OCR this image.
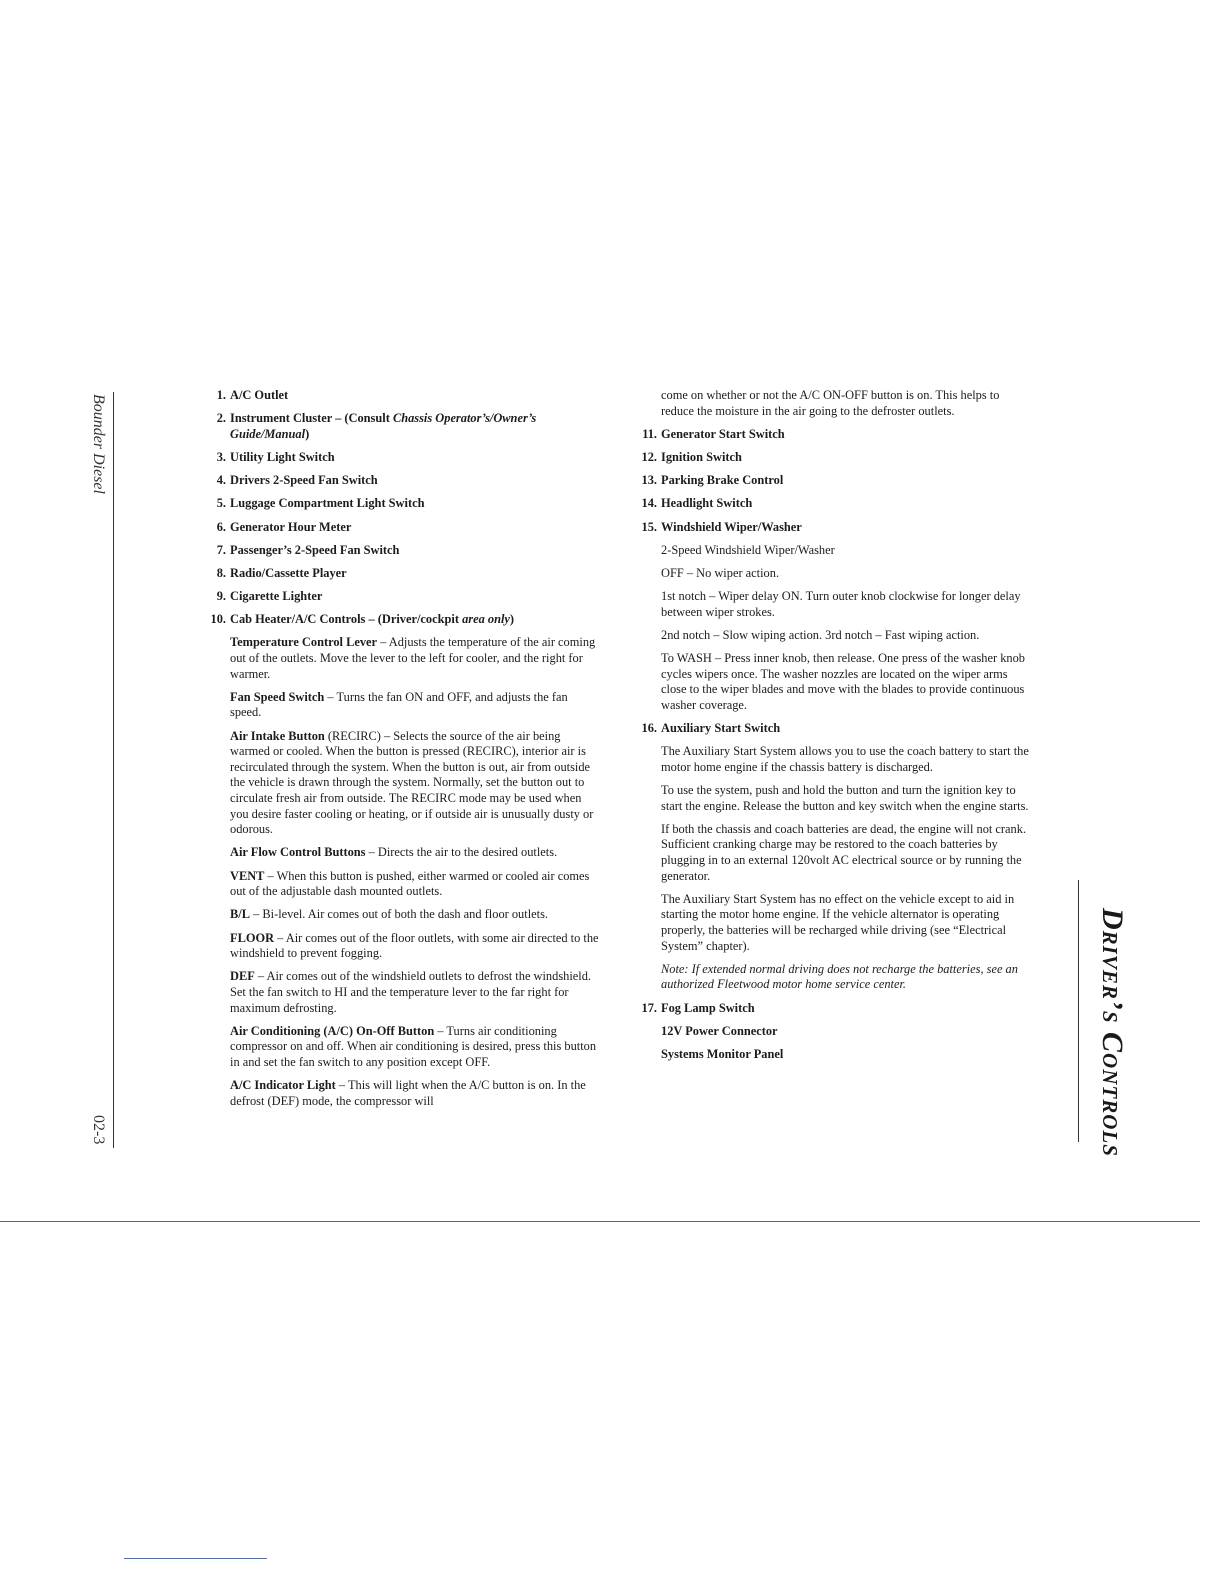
Bounder Diesel
02-3	Driver’s Controls
1. A/C Outlet
2. Instrument Cluster – (Consult Chassis Operator’s/Owner’s Guide/Manual)
3. Utility Light Switch
4. Drivers 2-Speed Fan Switch
5. Luggage Compartment Light Switch
6. Generator Hour Meter
7. Passenger’s 2-Speed Fan Switch
8. Radio/Cassette Player
9. Cigarette Lighter
10. Cab Heater/A/C Controls – (Driver/cockpit area only)
Temperature Control Lever – Adjusts the temperature of the air coming out of the outlets. Move the lever to the left for cooler, and the right for warmer.
Fan Speed Switch – Turns the fan ON and OFF, and adjusts the fan speed.
Air Intake Button (RECIRC) – Selects the source of the air being warmed or cooled. When the button is pressed (RECIRC), interior air is recirculated through the system. When the button is out, air from outside the vehicle is drawn through the system. Normally, set the button out to circulate fresh air from outside. The RECIRC mode may be used when you desire faster cooling or heating, or if outside air is unusually dusty or odorous.
Air Flow Control Buttons – Directs the air to the desired outlets.
VENT – When this button is pushed, either warmed or cooled air comes out of the adjustable dash mounted outlets.
B/L – Bi-level. Air comes out of both the dash and floor outlets.
FLOOR – Air comes out of the floor outlets, with some air directed to the windshield to prevent fogging.
DEF – Air comes out of the windshield outlets to defrost the windshield. Set the fan switch to HI and the temperature lever to the far right for maximum defrosting.
Air Conditioning (A/C) On-Off Button – Turns air conditioning compressor on and off. When air conditioning is desired, press this button in and set the fan switch to any position except OFF.
A/C Indicator Light – This will light when the A/C button is on. In the defrost (DEF) mode, the compressor will
come on whether or not the A/C ON-OFF button is on. This helps to reduce the moisture in the air going to the defroster outlets.
11. Generator Start Switch
12. Ignition Switch
13. Parking Brake Control
14. Headlight Switch
15. Windshield Wiper/Washer
2-Speed Windshield Wiper/Washer
OFF – No wiper action.
1st notch – Wiper delay ON. Turn outer knob clockwise for longer delay between wiper strokes.
2nd notch – Slow wiping action. 3rd notch – Fast wiping action.
To WASH – Press inner knob, then release. One press of the washer knob cycles wipers once. The washer nozzles are located on the wiper arms close to the wiper blades and move with the blades to provide continuous washer coverage.
16. Auxiliary Start Switch
The Auxiliary Start System allows you to use the coach battery to start the motor home engine if the chassis battery is discharged.
To use the system, push and hold the button and turn the ignition key to start the engine. Release the button and key switch when the engine starts.
If both the chassis and coach batteries are dead, the engine will not crank. Sufficient cranking charge may be restored to the coach batteries by plugging in to an external 120volt AC electrical source or by running the generator.
The Auxiliary Start System has no effect on the vehicle except to aid in starting the motor home engine. If the vehicle alternator is operating properly, the batteries will be recharged while driving (see “Electrical System” chapter).
Note: If extended normal driving does not recharge the batteries, see an authorized Fleetwood motor home service center.
17. Fog Lamp Switch
12V Power Connector
Systems Monitor Panel
